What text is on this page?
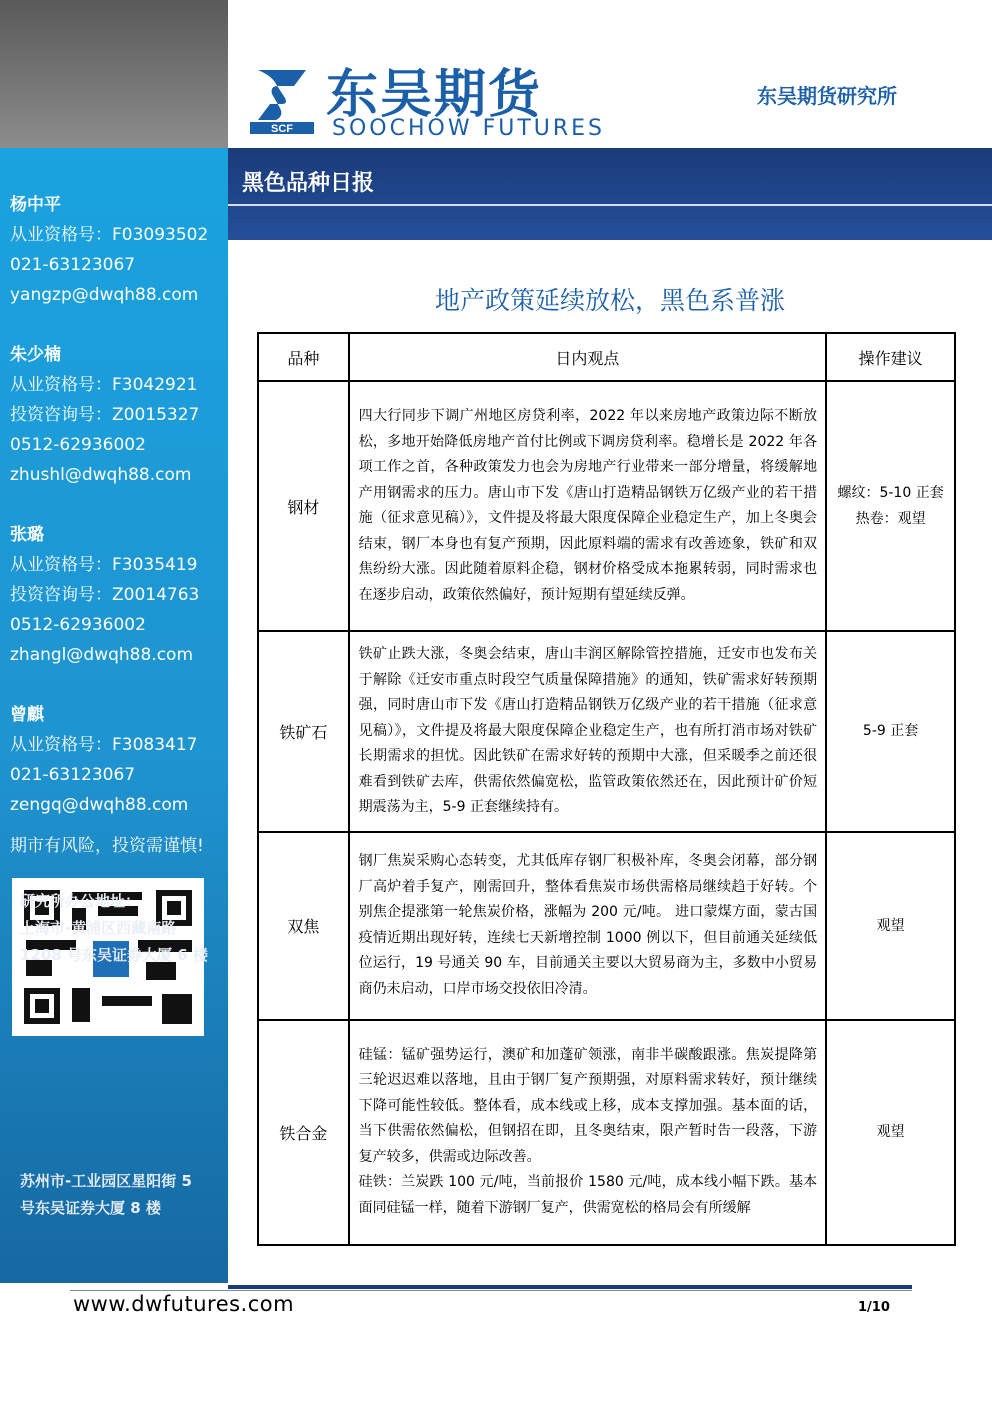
杨中平
从业资格号：F03093502
021-63123067
yangzp@dwqh88.com
朱少楠
从业资格号：F3042921
投资咨询号：Z0015327
0512-62936002
zhushl@dwqh88.com
张璐
从业资格号：F3035419
投资咨询号：Z0014763
0512-62936002
zhangl@dwqh88.com
曾麒
从业资格号：F3083417
021-63123067
zengq@dwqh88.com
期市有风险，投资需谨慎!
研究所办公地址：
上海市-黄浦区西藏南路
1208 号东吴证券大厦 6 楼
苏州市-工业园区星阳街 5
号东吴证券大厦 8 楼
SCF
东吴期货
SOOCHOW FUTURES
东吴期货研究所
黑色品种日报
地产政策延续放松，黑色系普涨
品种	日内观点	操作建议
钢材	四大行同步下调广州地区房贷利率，2022 年以来房地产政策边际不断放松，多地开始降低房地产首付比例或下调房贷利率。稳增长是 2022 年各项工作之首，各种政策发力也会为房地产行业带来一部分增量，将缓解地产用钢需求的压力。唐山市下发《唐山打造精品钢铁万亿级产业的若干措施（征求意见稿）》，文件提及将最大限度保障企业稳定生产，加上冬奥会结束，钢厂本身也有复产预期，因此原料端的需求有改善迹象，铁矿和双焦纷纷大涨。因此随着原料企稳，钢材价格受成本拖累转弱，同时需求也在逐步启动，政策依然偏好，预计短期有望延续反弹。	螺纹：5-10 正套
热卷：观望

铁矿石	铁矿止跌大涨，冬奥会结束，唐山丰润区解除管控措施，迁安市也发布关于解除《迁安市重点时段空气质量保障措施》的通知，铁矿需求好转预期强，同时唐山市下发《唐山打造精品钢铁万亿级产业的若干措施（征求意见稿）》，文件提及将最大限度保障企业稳定生产，也有所打消市场对铁矿长期需求的担忧。因此铁矿在需求好转的预期中大涨，但采暖季之前还很难看到铁矿去库，供需依然偏宽松，监管政策依然还在，因此预计矿价短期震荡为主，5-9 正套继续持有。	5-9 正套

双焦	钢厂焦炭采购心态转变，尤其低库存钢厂积极补库，冬奥会闭幕，部分钢厂高炉着手复产，刚需回升，整体看焦炭市场供需格局继续趋于好转。个别焦企提涨第一轮焦炭价格，涨幅为 200 元/吨。 进口蒙煤方面，蒙古国疫情近期出现好转，连续七天新增控制 1000 例以下，但目前通关延续低位运行，19 号通关 90 车，目前通关主要以大贸易商为主，多数中小贸易商仍未启动，口岸市场交投依旧冷清。	观望

铁合金	硅锰：锰矿强势运行，澳矿和加蓬矿领涨，南非半碳酸跟涨。焦炭提降第三轮迟迟难以落地，且由于钢厂复产预期强，对原料需求转好，预计继续下降可能性较低。整体看，成本线或上移，成本支撑加强。基本面的话，当下供需依然偏松，但钢招在即，且冬奥结束，限产暂时告一段落，下游复产较多，供需或边际改善。
硅铁：兰炭跌 100 元/吨，当前报价 1580 元/吨，成本线小幅下跌。基本面同硅锰一样，随着下游钢厂复产，供需宽松的格局会有所缓解	观望
www.dwfutures.com	1/10
